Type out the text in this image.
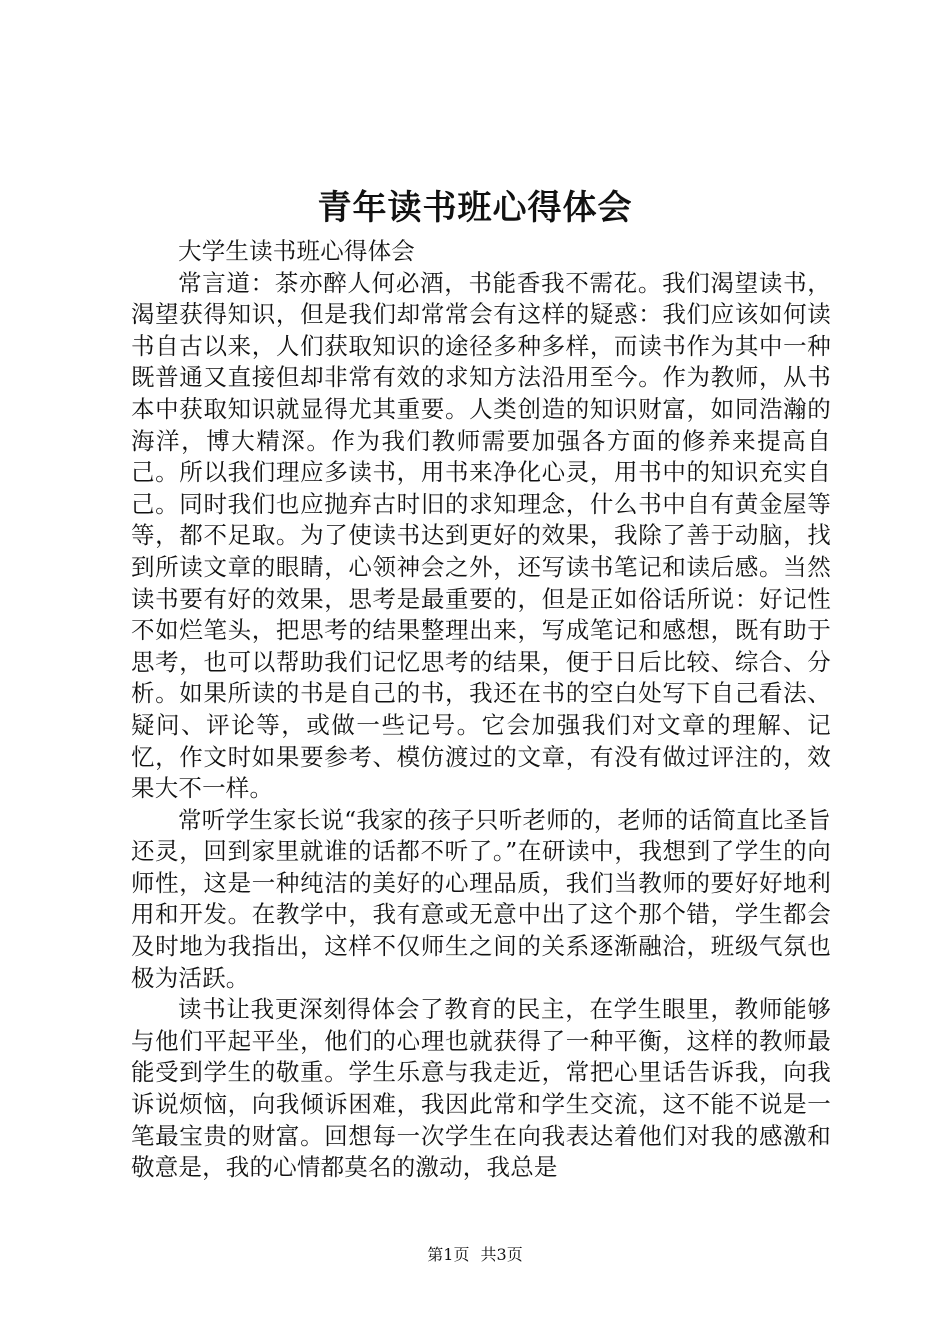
青年读书班心得体会

大学生读书班心得体会

常言道：茶亦醉人何必酒，书能香我不需花。我们渴望读书，渴望获得知识，但是我们却常常会有这样的疑惑：我们应该如何读书自古以来，人们获取知识的途径多种多样，而读书作为其中一种既普通又直接但却非常有效的求知方法沿用至今。作为教师，从书本中获取知识就显得尤其重要。人类创造的知识财富，如同浩瀚的海洋，博大精深。作为我们教师需要加强各方面的修养来提高自己。所以我们理应多读书，用书来净化心灵，用书中的知识充实自己。同时我们也应抛弃古时旧的求知理念，什么书中自有黄金屋等等，都不足取。为了使读书达到更好的效果，我除了善于动脑，找到所读文章的眼睛，心领神会之外，还写读书笔记和读后感。当然读书要有好的效果，思考是最重要的，但是正如俗话所说：好记性不如烂笔头，把思考的结果整理出来，写成笔记和感想，既有助于思考，也可以帮助我们记忆思考的结果，便于日后比较、综合、分析。如果所读的书是自己的书，我还在书的空白处写下自己看法、疑问、评论等，或做一些记号。它会加强我们对文章的理解、记忆，作文时如果要参考、模仿渡过的文章，有没有做过评注的，效果大不一样。

常听学生家长说“我家的孩子只听老师的，老师的话简直比圣旨还灵，回到家里就谁的话都不听了。”在研读中，我想到了学生的向师性，这是一种纯洁的美好的心理品质，我们当教师的要好好地利用和开发。在教学中，我有意或无意中出了这个那个错，学生都会及时地为我指出，这样不仅师生之间的关系逐渐融洽，班级气氛也极为活跃。

读书让我更深刻得体会了教育的民主，在学生眼里，教师能够与他们平起平坐，他们的心理也就获得了一种平衡，这样的教师最能受到学生的敬重。学生乐意与我走近，常把心里话告诉我，向我诉说烦恼，向我倾诉困难，我因此常和学生交流，这不能不说是一笔最宝贵的财富。回想每一次学生在向我表达着他们对我的感激和敬意是，我的心情都莫名的激动，我总是

第1页 共3页
